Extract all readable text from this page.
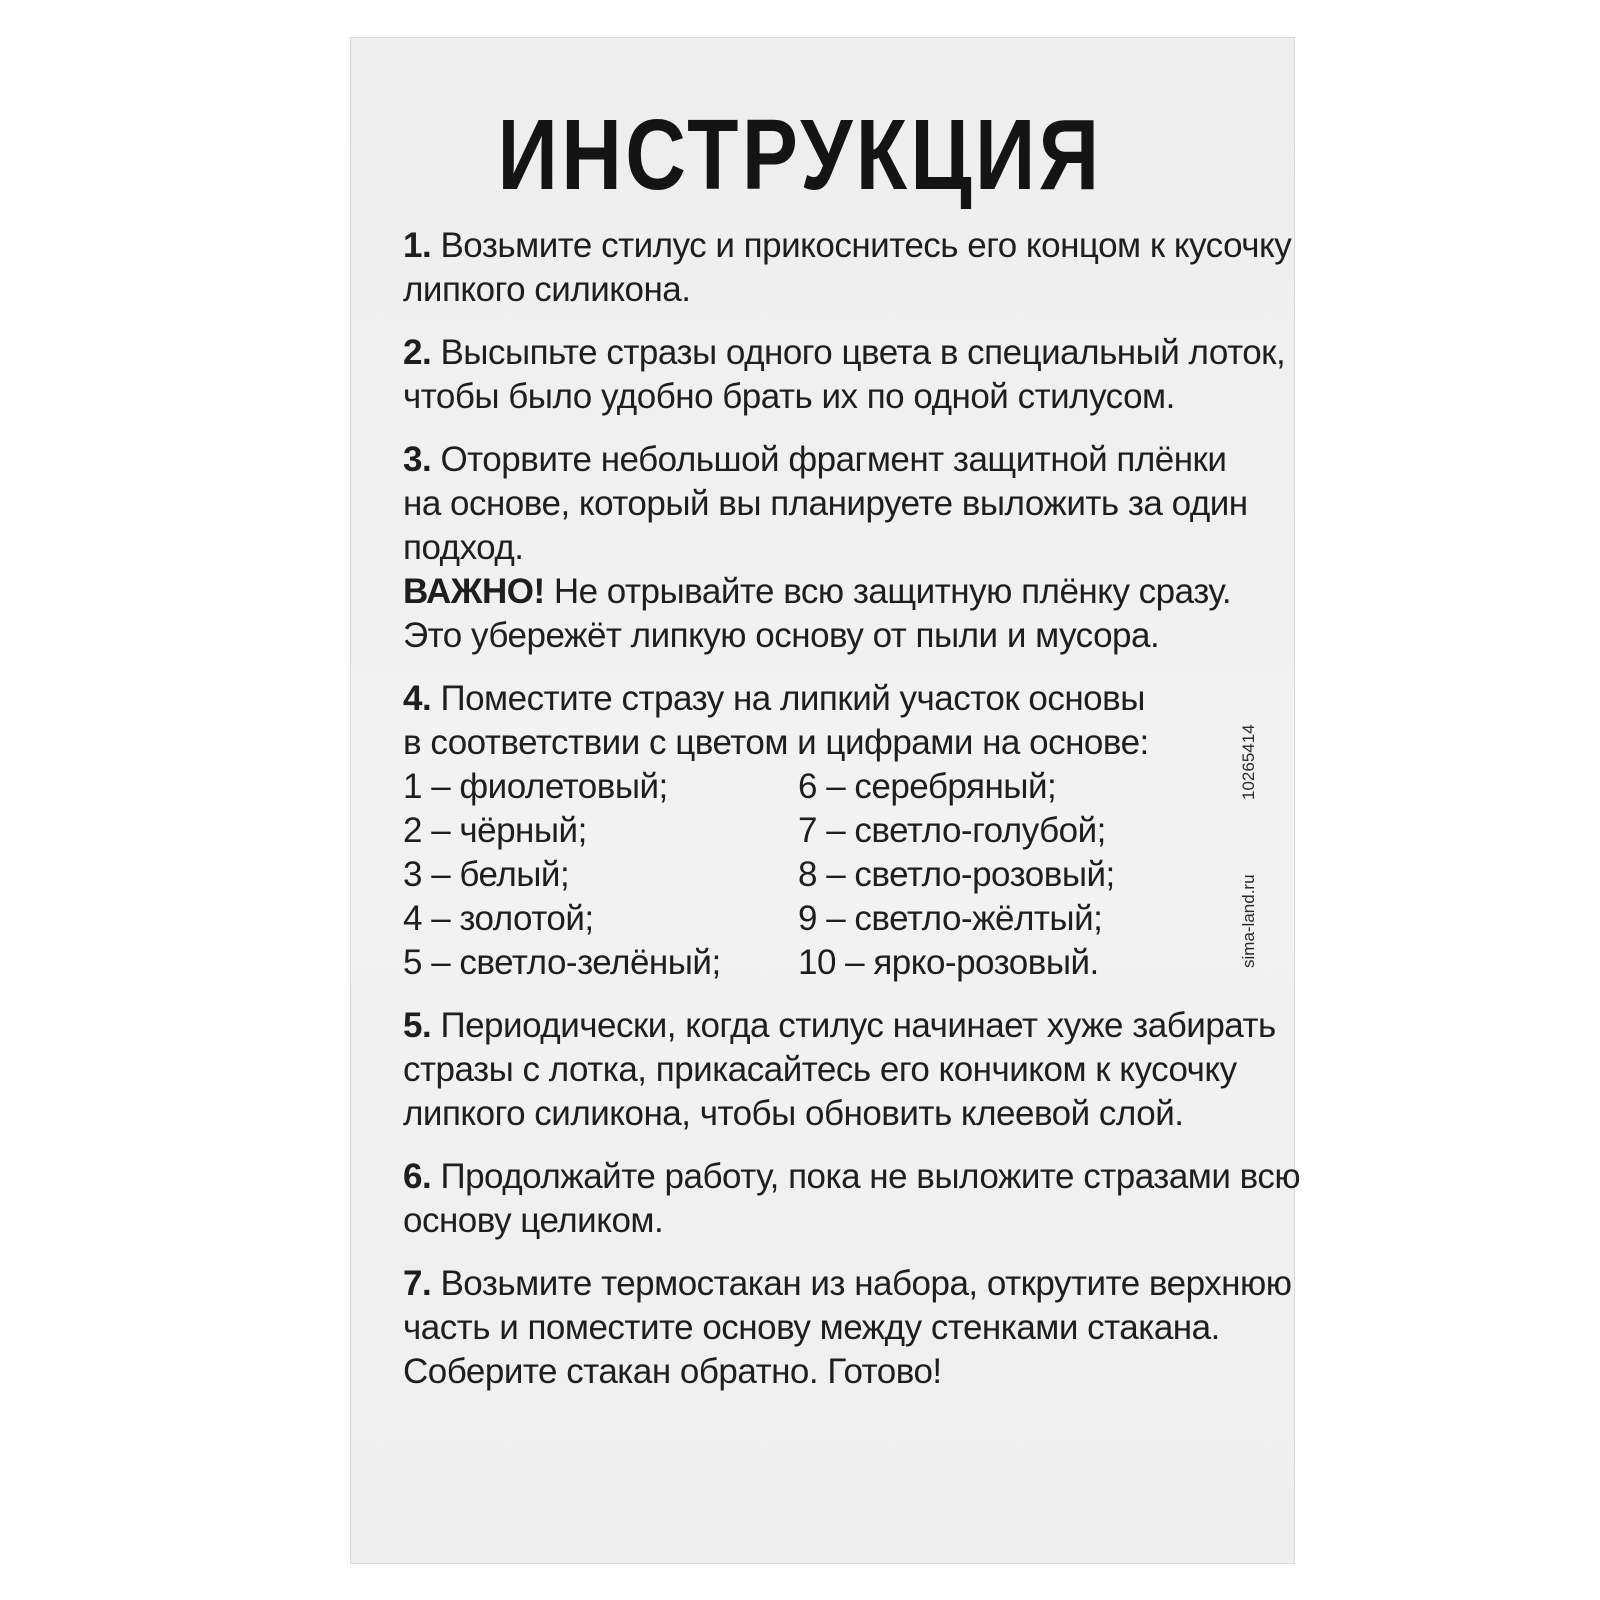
ИНСТРУКЦИЯ
1. Возьмите стилус и прикоснитесь его концом к кусочку
липкого силикона.
2. Высыпьте стразы одного цвета в специальный лоток,
чтобы было удобно брать их по одной стилусом.
3. Оторвите небольшой фрагмент защитной плёнки
на основе, который вы планируете выложить за один
подход.
ВАЖНО! Не отрывайте всю защитную плёнку сразу.
Это убережёт липкую основу от пыли и мусора.
4. Поместите стразу на липкий участок основы
в соответствии с цветом и цифрами на основе:
1 – фиолетовый;	6 – серебряный;
2 – чёрный;	7 – светло-голубой;
3 – белый;	8 – светло-розовый;
4 – золотой;	9 – светло-жёлтый;
5 – светло-зелёный;	10 – ярко-розовый.
5. Периодически, когда стилус начинает хуже забирать
стразы с лотка, прикасайтесь его кончиком к кусочку
липкого силикона, чтобы обновить клеевой слой.
6. Продолжайте работу, пока не выложите стразами всю
основу целиком.
7. Возьмите термостакан из набора, открутите верхнюю
часть и поместите основу между стенками стакана.
Соберите стакан обратно. Готово!
10265414
sima-land.ru
